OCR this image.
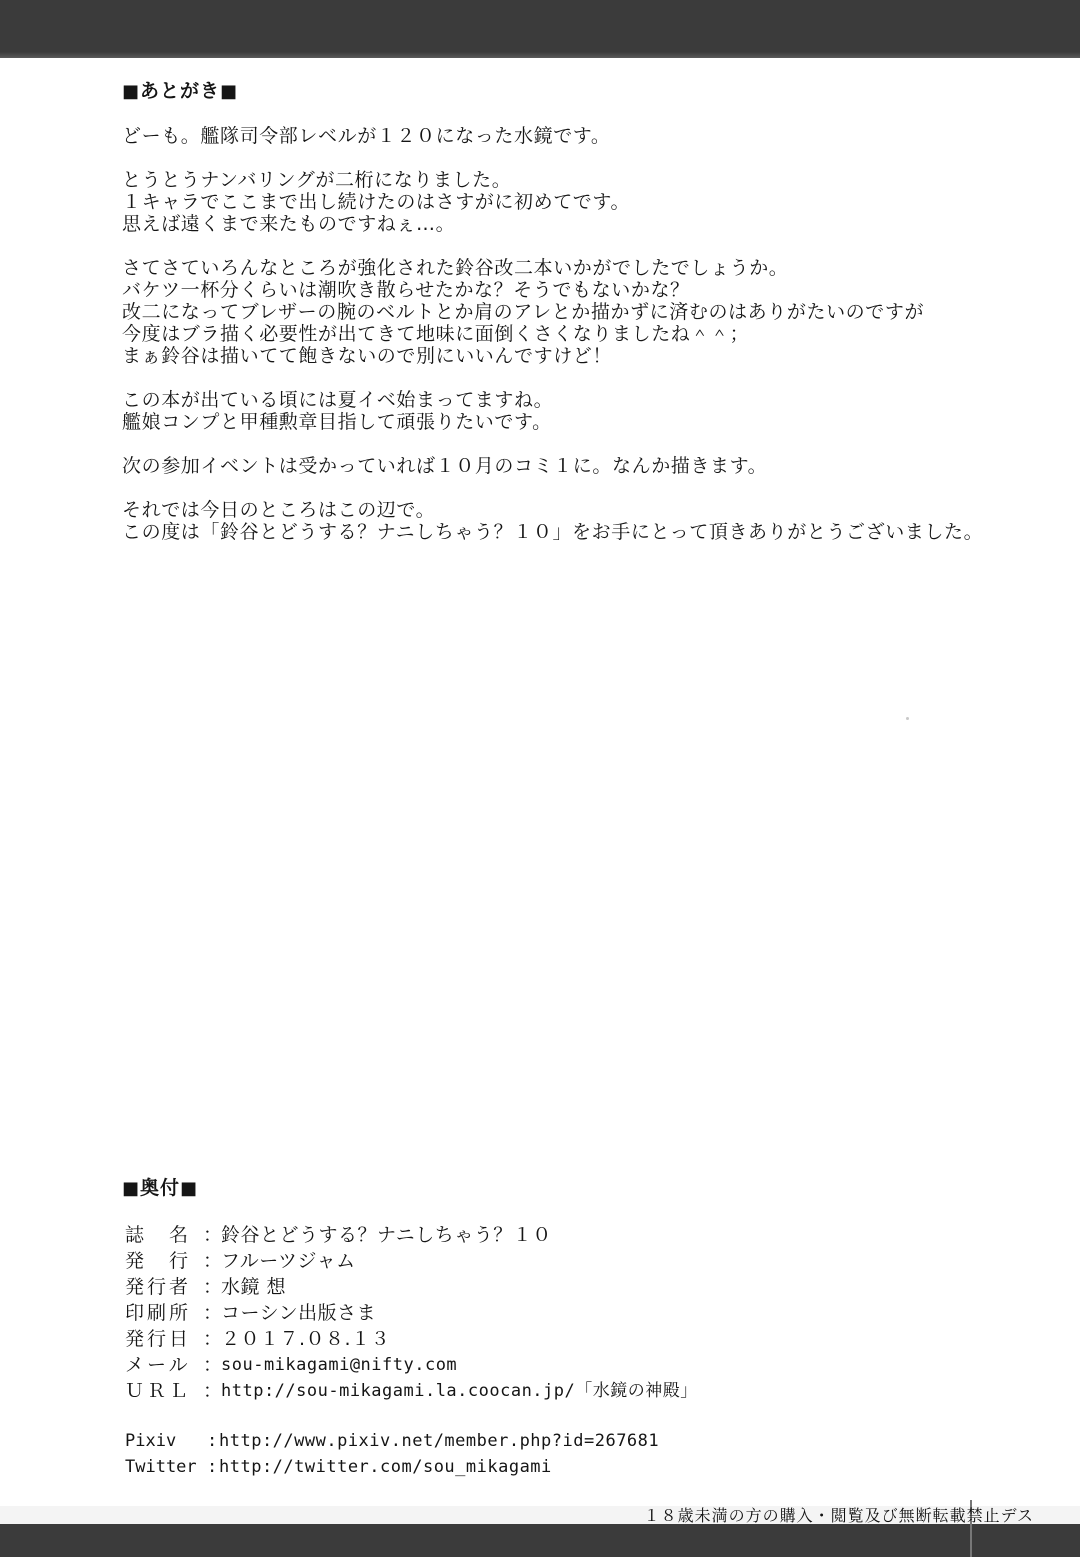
■あとがき■
どーも。艦隊司令部レベルが１２０になった水鏡です。
とうとうナンバリングが二桁になりました。
１キャラでここまで出し続けたのはさすがに初めてです。
思えば遠くまで来たものですねぇ…。
さてさていろんなところが強化された鈴谷改二本いかがでしたでしょうか。
バケツ一杯分くらいは潮吹き散らせたかな？そうでもないかな？
改二になってブレザーの腕のベルトとか肩のアレとか描かずに済むのはありがたいのですが
今度はブラ描く必要性が出てきて地味に面倒くさくなりましたね＾＾；
まぁ鈴谷は描いてて飽きないので別にいいんですけど！
この本が出ている頃には夏イベ始まってますね。
艦娘コンプと甲種勲章目指して頑張りたいです。
次の参加イベントは受かっていれば１０月のコミ１に。なんか描きます。
それでは今日のところはこの辺で。
この度は「鈴谷とどうする？ナニしちゃう？１０」をお手にとって頂きありがとうございました。
■奥付■
誌　名 ：
鈴谷とどうする？ナニしちゃう？１０
発　行 ：
フルーツジャム
発行者 ：
水鏡 想
印刷所 ：
コーシン出版さま
発行日 ：
２０１７.０８.１３
メール ：
sou-mikagami@nifty.com
ＵＲＬ ：
http://sou-mikagami.la.coocan.jp/「水鏡の神殿」
Pixiv	: http://www.pixiv.net/member.php?id=267681
Twitter : http://twitter.com/sou_mikagami
１８歳未満の方の購入・閲覧及び無断転載禁止デス
